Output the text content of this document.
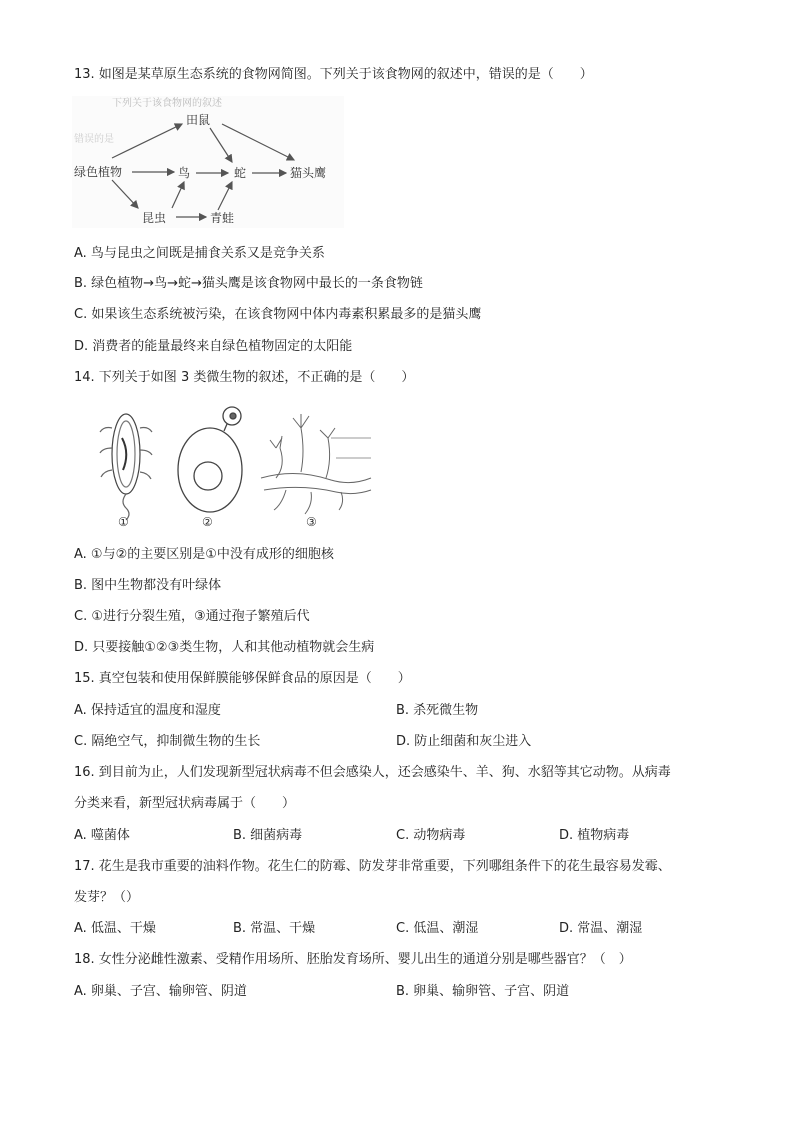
13. 如图是某草原生态系统的食物网简图。下列关于该食物网的叙述中，错误的是（　　）
下列关于该食物网的叙述
错误的是
田鼠
绿色植物	鸟	蛇	猫头鹰
昆虫	青蛙
A. 鸟与昆虫之间既是捕食关系又是竞争关系
B. 绿色植物→鸟→蛇→猫头鹰是该食物网中最长的一条食物链
C. 如果该生态系统被污染，在该食物网中体内毒素积累最多的是猫头鹰
D. 消费者的能量最终来自绿色植物固定的太阳能
14. 下列关于如图 3 类微生物的叙述，不正确的是（　　）
①	②	③
A. ①与②的主要区别是①中没有成形的细胞核
B. 图中生物都没有叶绿体
C. ①进行分裂生殖，③通过孢子繁殖后代
D. 只要接触①②③类生物，人和其他动植物就会生病
15. 真空包装和使用保鲜膜能够保鲜食品的原因是（　　）
A. 保持适宜的温度和湿度	B. 杀死微生物
C. 隔绝空气，抑制微生物的生长	D. 防止细菌和灰尘进入
16. 到目前为止，人们发现新型冠状病毒不但会感染人，还会感染牛、羊、狗、水貂等其它动物。从病毒
分类来看，新型冠状病毒属于（　　）
A. 噬菌体	B. 细菌病毒	C. 动物病毒	D. 植物病毒
17. 花生是我市重要的油料作物。花生仁的防霉、防发芽非常重要，下列哪组条件下的花生最容易发霉、
发芽？（）
A. 低温、干燥	B. 常温、干燥	C. 低温、潮湿	D. 常温、潮湿
18. 女性分泌雌性激素、受精作用场所、胚胎发育场所、婴儿出生的通道分别是哪些器官？（　）
A. 卵巢、子宫、输卵管、阴道	B. 卵巢、输卵管、子宫、阴道
